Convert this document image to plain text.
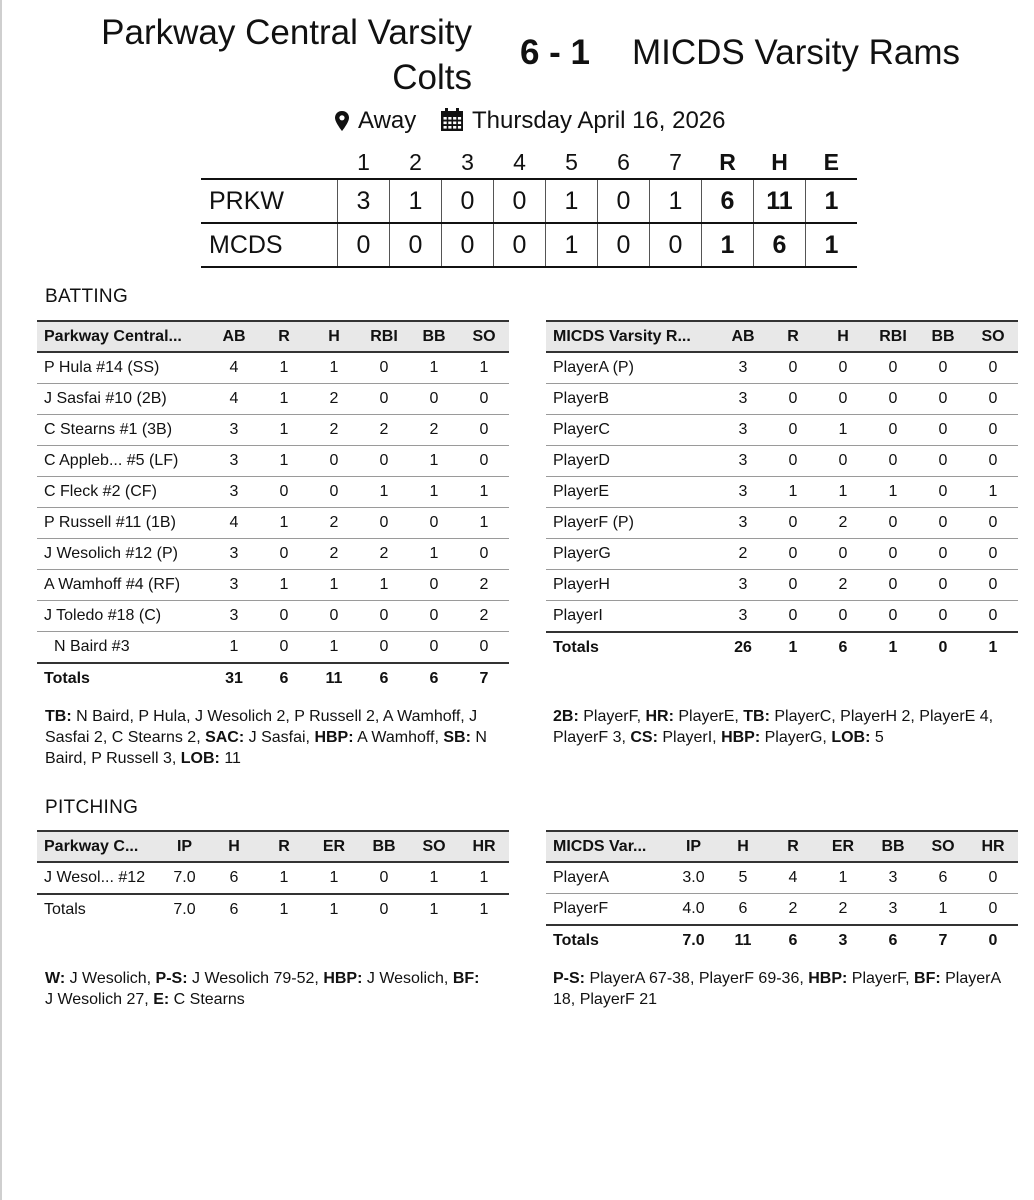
Parkway Central Varsity Colts
6 - 1	MICDS Varsity Rams
Away	Thursday April 16, 2026
	1	2	3	4	5	6	7	R	H	E
PRKW	3	1	0	0	1	0	1	6	11	1
MCDS	0	0	0	0	1	0	0	1	6	1
BATTING
Parkway Central...	AB	R	H	RBI	BB	SO
P Hula #14 (SS)	4	1	1	0	1	1
J Sasfai #10 (2B)	4	1	2	0	0	0
C Stearns #1 (3B)	3	1	2	2	2	0
C Appleb... #5 (LF)	3	1	0	0	1	0
C Fleck #2 (CF)	3	0	0	1	1	1
P Russell #11 (1B)	4	1	2	0	0	1
J Wesolich #12 (P)	3	0	2	2	1	0
A Wamhoff #4 (RF)	3	1	1	1	0	2
J Toledo #18 (C)	3	0	0	0	0	2
N Baird #3	1	0	1	0	0	0
Totals	31	6	11	6	6	7
MICDS Varsity R...	AB	R	H	RBI	BB	SO
PlayerA (P)	3	0	0	0	0	0
PlayerB	3	0	0	0	0	0
PlayerC	3	0	1	0	0	0
PlayerD	3	0	0	0	0	0
PlayerE	3	1	1	1	0	1
PlayerF (P)	3	0	2	0	0	0
PlayerG	2	0	0	0	0	0
PlayerH	3	0	2	0	0	0
PlayerI	3	0	0	0	0	0
Totals	26	1	6	1	0	1
TB: N Baird, P Hula, J Wesolich 2, P Russell 2, A Wamhoff, J Sasfai 2, C Stearns 2, SAC: J Sasfai, HBP: A Wamhoff, SB: N Baird, P Russell 3, LOB: 11
2B: PlayerF, HR: PlayerE, TB: PlayerC, PlayerH 2, PlayerE 4, PlayerF 3, CS: PlayerI, HBP: PlayerG, LOB: 5
PITCHING
Parkway C...	IP	H	R	ER	BB	SO	HR
J Wesol... #12	7.0	6	1	1	0	1	1
Totals	7.0	6	1	1	0	1	1
MICDS Var...	IP	H	R	ER	BB	SO	HR
PlayerA	3.0	5	4	1	3	6	0
PlayerF	4.0	6	2	2	3	1	0
Totals	7.0	11	6	3	6	7	0
W: J Wesolich, P-S: J Wesolich 79-52, HBP: J Wesolich, BF: J Wesolich 27, E: C Stearns
P-S: PlayerA 67-38, PlayerF 69-36, HBP: PlayerF, BF: PlayerA 18, PlayerF 21
